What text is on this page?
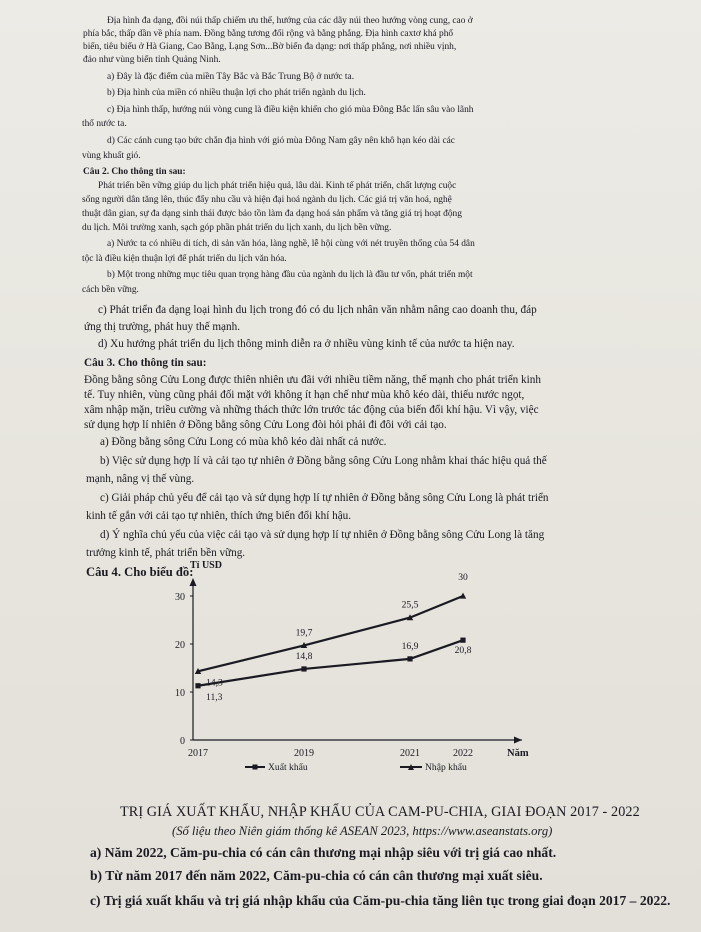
Địa hình đa dạng, đồi núi thấp chiếm ưu thế, hướng của các dãy núi theo hướng vòng cung, cao ở
phía bắc, thấp dần về phía nam. Đồng bằng tương đối rộng và bằng phẳng. Địa hình caxtơ khá phổ
biến, tiêu biểu ở Hà Giang, Cao Bằng, Lạng Sơn...Bờ biển đa dạng: nơi thấp phẳng, nơi nhiều vịnh,
đảo như vùng biển tỉnh Quảng Ninh.
a) Đây là đặc điểm của miền Tây Bắc và Bắc Trung Bộ ở nước ta.
b) Địa hình của miền có nhiều thuận lợi cho phát triển ngành du lịch.
c) Địa hình thấp, hướng núi vòng cung là điều kiện khiến cho gió mùa Đông Bắc lấn sâu vào lãnh
thổ nước ta.
d) Các cánh cung tạo bức chắn địa hình với gió mùa Đông Nam gây nên khô hạn kéo dài các
vùng khuất gió.
Câu 2. Cho thông tin sau:
Phát triển bền vững giúp du lịch phát triển hiệu quả, lâu dài. Kinh tế phát triển, chất lượng cuộc
sống người dân tăng lên, thúc đẩy nhu cầu và hiện đại hoá ngành du lịch. Các giá trị văn hoá, nghệ
thuật dân gian, sự đa dạng sinh thái được bảo tồn làm đa dạng hoá sản phẩm và tăng giá trị hoạt động
du lịch. Môi trường xanh, sạch góp phần phát triển du lịch xanh, du lịch bền vững.
a) Nước ta có nhiều di tích, di sản văn hóa, làng nghề, lễ hội cùng với nét truyền thống của 54 dân
tộc là điều kiện thuận lợi để phát triển du lịch văn hóa.
b) Một trong những mục tiêu quan trọng hàng đầu của ngành du lịch là đầu tư vốn, phát triển một
cách bền vững.
c) Phát triển đa dạng loại hình du lịch trong đó có du lịch nhân văn nhằm nâng cao doanh thu, đáp
ứng thị trường, phát huy thế mạnh.
d) Xu hướng phát triển du lịch thông minh diễn ra ở nhiều vùng kinh tế của nước ta hiện nay.
Câu 3. Cho thông tin sau:
Đồng bằng sông Cửu Long được thiên nhiên ưu đãi với nhiều tiềm năng, thế mạnh cho phát triển kinh
tế. Tuy nhiên, vùng cũng phải đối mặt với không ít hạn chế như mùa khô kéo dài, thiếu nước ngọt,
xâm nhập mặn, triều cường và những thách thức lớn trước tác động của biến đổi khí hậu. Vì vậy, việc
sử dụng hợp lí nhiên ở Đồng bằng sông Cửu Long đòi hỏi phải đi đôi với cải tạo.
a) Đồng bằng sông Cửu Long có mùa khô kéo dài nhất cả nước.
b) Việc sử dụng hợp lí và cải tạo tự nhiên ở Đồng bằng sông Cửu Long nhằm khai thác hiệu quả thế
mạnh, nâng vị thế vùng.
c) Giải pháp chủ yếu để cải tạo và sử dụng hợp lí tự nhiên ở Đồng bằng sông Cửu Long là phát triển
kinh tế gắn với cải tạo tự nhiên, thích ứng biến đổi khí hậu.
d) Ý nghĩa chủ yếu của việc cải tạo và sử dụng hợp lí tự nhiên ở Đồng bằng sông Cửu Long là tăng
trưởng kinh tế, phát triển bền vững.
Câu 4. Cho biểu đồ:
Tỉ USD
Năm
0
10
20
30
2017	2019	2021	2022
11,3
14,8
16,9	20,8
14,3
19,7
25,5
30
Xuất khẩu	Nhập khẩu
TRỊ GIÁ XUẤT KHẨU, NHẬP KHẨU CỦA CAM-PU-CHIA, GIAI ĐOẠN 2017 - 2022
(Số liệu theo Niên giám thống kê ASEAN 2023, https://www.aseanstats.org)
a) Năm 2022, Căm-pu-chia có cán cân thương mại nhập siêu với trị giá cao nhất.
b) Từ năm 2017 đến năm 2022, Căm-pu-chia có cán cân thương mại xuất siêu.
c) Trị giá xuất khẩu và trị giá nhập khẩu của Căm-pu-chia tăng liên tục trong giai đoạn 2017 – 2022.
